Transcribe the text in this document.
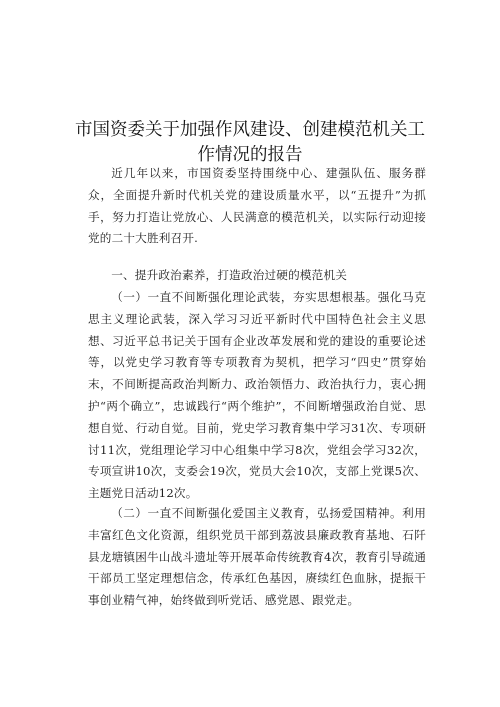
市国资委关于加强作风建设、创建模范机关工
作情况的报告

近几年以来，市国资委坚持围绕中心、建强队伍、服务群众，全面提升新时代机关党的建设质量水平，以“五提升”为抓手，努力打造让党放心、人民满意的模范机关，以实际行动迎接党的二十大胜利召开.

一、提升政治素养，打造政治过硬的模范机关

（一）一直不间断强化理论武装，夯实思想根基。强化马克思主义理论武装，深入学习习近平新时代中国特色社会主义思想、习近平总书记关于国有企业改革发展和党的建设的重要论述等，以党史学习教育等专项教育为契机，把学习“四史”贯穿始末，不间断提高政治判断力、政治领悟力、政治执行力，衷心拥护“两个确立”，忠诚践行“两个维护”，不间断增强政治自觉、思想自觉、行动自觉。目前，党史学习教育集中学习31次、专项研讨11次，党组理论学习中心组集中学习8次，党组会学习32次，专项宣讲10次，支委会19次，党员大会10次，支部上党课5次、主题党日活动12次。

（二）一直不间断强化爱国主义教育，弘扬爱国精神。利用丰富红色文化资源，组织党员干部到荔波县廉政教育基地、石阡县龙塘镇困牛山战斗遗址等开展革命传统教育4次，教育引导疏通干部员工坚定理想信念，传承红色基因，赓续红色血脉，提振干事创业精气神，始终做到听党话、感党恩、跟党走。
